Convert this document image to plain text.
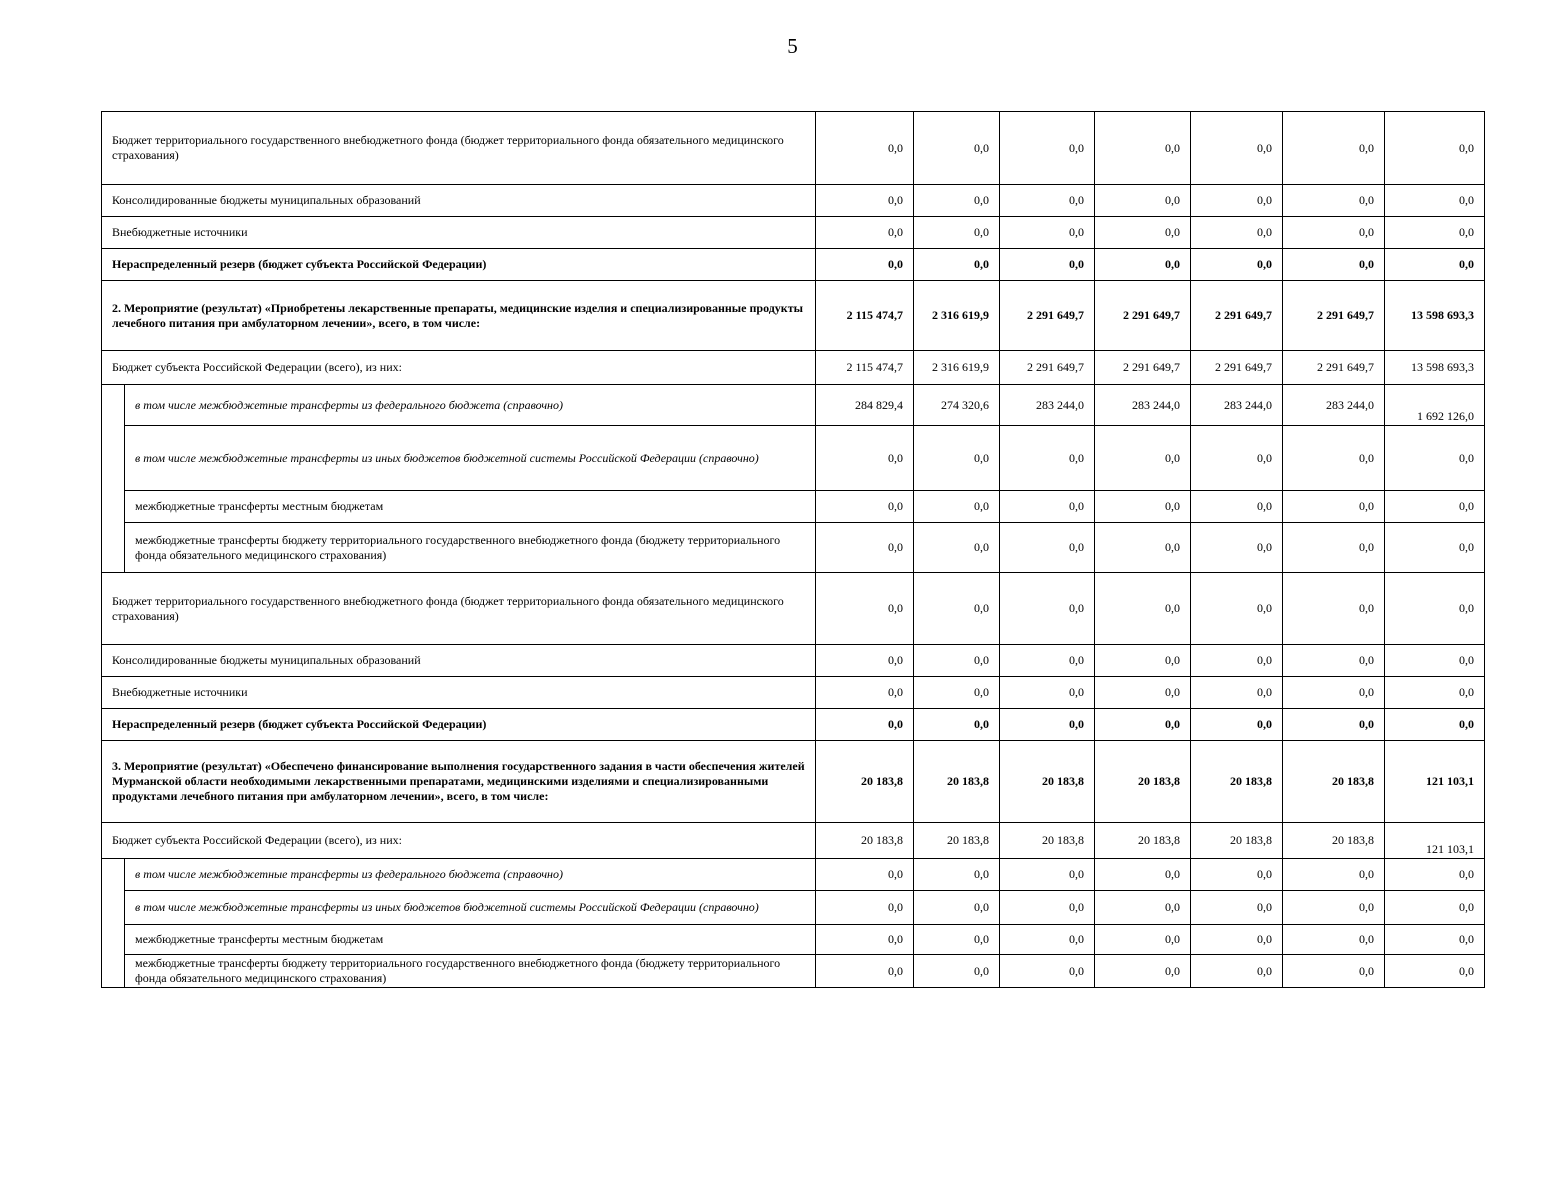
5
Бюджет территориального государственного внебюджетного фонда (бюджет территориального фонда обязательного медицинского страхования)		0,0	0,0	0,0	0,0	0,0	0,0	0,0
Консолидированные бюджеты муниципальных образований		0,0	0,0	0,0	0,0	0,0	0,0	0,0
Внебюджетные источники		0,0	0,0	0,0	0,0	0,0	0,0	0,0
Нераспределенный резерв (бюджет субъекта Российской Федерации)		0,0	0,0	0,0	0,0	0,0	0,0	0,0
2. Мероприятие (результат) «Приобретены лекарственные препараты, медицинские изделия и специализированные продукты лечебного питания при амбулаторном лечении», всего, в том числе:		2 115 474,7	2 316 619,9	2 291 649,7	2 291 649,7	2 291 649,7	2 291 649,7	13 598 693,3
Бюджет субъекта Российской Федерации (всего), из них:		2 115 474,7	2 316 619,9	2 291 649,7	2 291 649,7	2 291 649,7	2 291 649,7	13 598 693,3
	в том числе межбюджетные трансферты из федерального бюджета (справочно)	284 829,4	274 320,6	283 244,0	283 244,0	283 244,0	283 244,0	1 692 126,0
	в том числе межбюджетные трансферты из иных бюджетов бюджетной системы Российской Федерации (справочно)	0,0	0,0	0,0	0,0	0,0	0,0	0,0
	межбюджетные трансферты местным бюджетам	0,0	0,0	0,0	0,0	0,0	0,0	0,0
	межбюджетные трансферты бюджету территориального государственного внебюджетного фонда (бюджету территориального фонда обязательного медицинского страхования)	0,0	0,0	0,0	0,0	0,0	0,0	0,0
Бюджет территориального государственного внебюджетного фонда (бюджет территориального фонда обязательного медицинского страхования)		0,0	0,0	0,0	0,0	0,0	0,0	0,0
Консолидированные бюджеты муниципальных образований		0,0	0,0	0,0	0,0	0,0	0,0	0,0
Внебюджетные источники		0,0	0,0	0,0	0,0	0,0	0,0	0,0
Нераспределенный резерв (бюджет субъекта Российской Федерации)		0,0	0,0	0,0	0,0	0,0	0,0	0,0
3. Мероприятие (результат) «Обеспечено финансирование выполнения государственного задания в части обеспечения жителей Мурманской области необходимыми лекарственными препаратами, медицинскими изделиями и специализированными продуктами лечебного питания при амбулаторном лечении», всего, в том числе:		20 183,8	20 183,8	20 183,8	20 183,8	20 183,8	20 183,8	121 103,1
Бюджет субъекта Российской Федерации (всего), из них:		20 183,8	20 183,8	20 183,8	20 183,8	20 183,8	20 183,8	121 103,1
	в том числе межбюджетные трансферты из федерального бюджета (справочно)	0,0	0,0	0,0	0,0	0,0	0,0	0,0
	в том числе межбюджетные трансферты из иных бюджетов бюджетной системы Российской Федерации (справочно)	0,0	0,0	0,0	0,0	0,0	0,0	0,0
	межбюджетные трансферты местным бюджетам	0,0	0,0	0,0	0,0	0,0	0,0	0,0
	межбюджетные трансферты бюджету территориального государственного внебюджетного фонда (бюджету территориального фонда обязательного медицинского страхования)	0,0	0,0	0,0	0,0	0,0	0,0	0,0
